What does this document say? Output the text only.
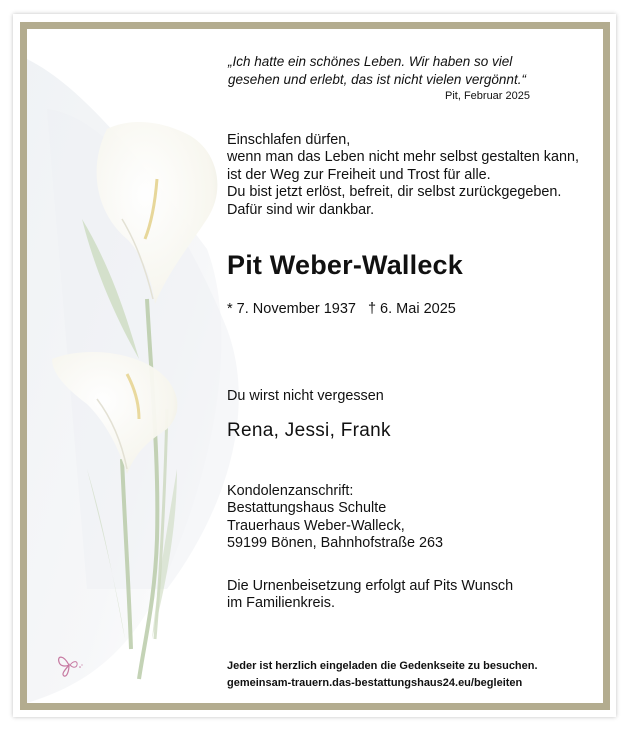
„Ich hatte ein schönes Leben. Wir haben so viel
gesehen und erlebt, das ist nicht vielen vergönnt.“
Pit, Februar 2025
Einschlafen dürfen,
wenn man das Leben nicht mehr selbst gestalten kann,
ist der Weg zur Freiheit und Trost für alle.
Du bist jetzt erlöst, befreit, dir selbst zurückgegeben.
Dafür sind wir dankbar.
Pit Weber-Walleck
* 7. November 1937 † 6. Mai 2025
Du wirst nicht vergessen
Rena, Jessi, Frank
Kondolenzanschrift:
Bestattungshaus Schulte
Trauerhaus Weber-Walleck,
59199 Bönen, Bahnhofstraße 263
Die Urnenbeisetzung erfolgt auf Pits Wunsch
im Familienkreis.
Jeder ist herzlich eingeladen die Gedenkseite zu besuchen.
gemeinsam-trauern.das-bestattungshaus24.eu/begleiten
